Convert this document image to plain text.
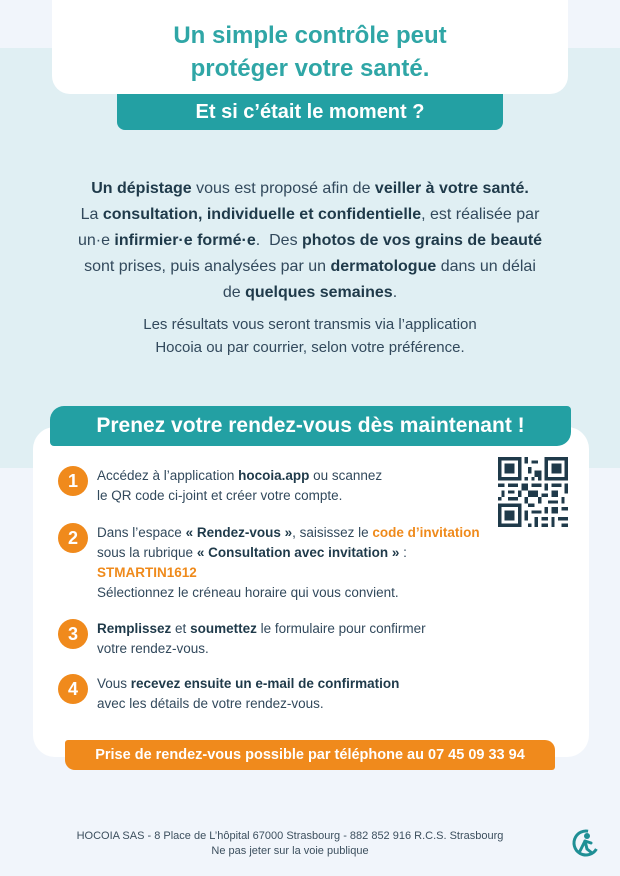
Un simple contrôle peut
protéger votre santé.
Et si c’était le moment ?
Un dépistage vous est proposé afin de veiller à votre santé.
La consultation, individuelle et confidentielle, est réalisée par
un·e infirmier·e formé·e.  Des photos de vos grains de beauté
sont prises, puis analysées par un dermatologue dans un délai
de quelques semaines.
Les résultats vous seront transmis via l’application
Hocoia ou par courrier, selon votre préférence.
Prenez votre rendez-vous dès maintenant !
1	Accédez à l’application hocoia.app ou scannez
le QR code ci-joint et créer votre compte.
2	Dans l’espace « Rendez-vous », saisissez le code d’invitation
sous la rubrique « Consultation avec invitation » :
STMARTIN1612
Sélectionnez le créneau horaire qui vous convient.
3	Remplissez et soumettez le formulaire pour confirmer
votre rendez-vous.
4	Vous recevez ensuite un e-mail de confirmation
avec les détails de votre rendez-vous.
Prise de rendez-vous possible par téléphone au 07 45 09 33 94
HOCOIA SAS - 8 Place de L’hôpital 67000 Strasbourg - 882 852 916 R.C.S. Strasbourg
Ne pas jeter sur la voie publique
